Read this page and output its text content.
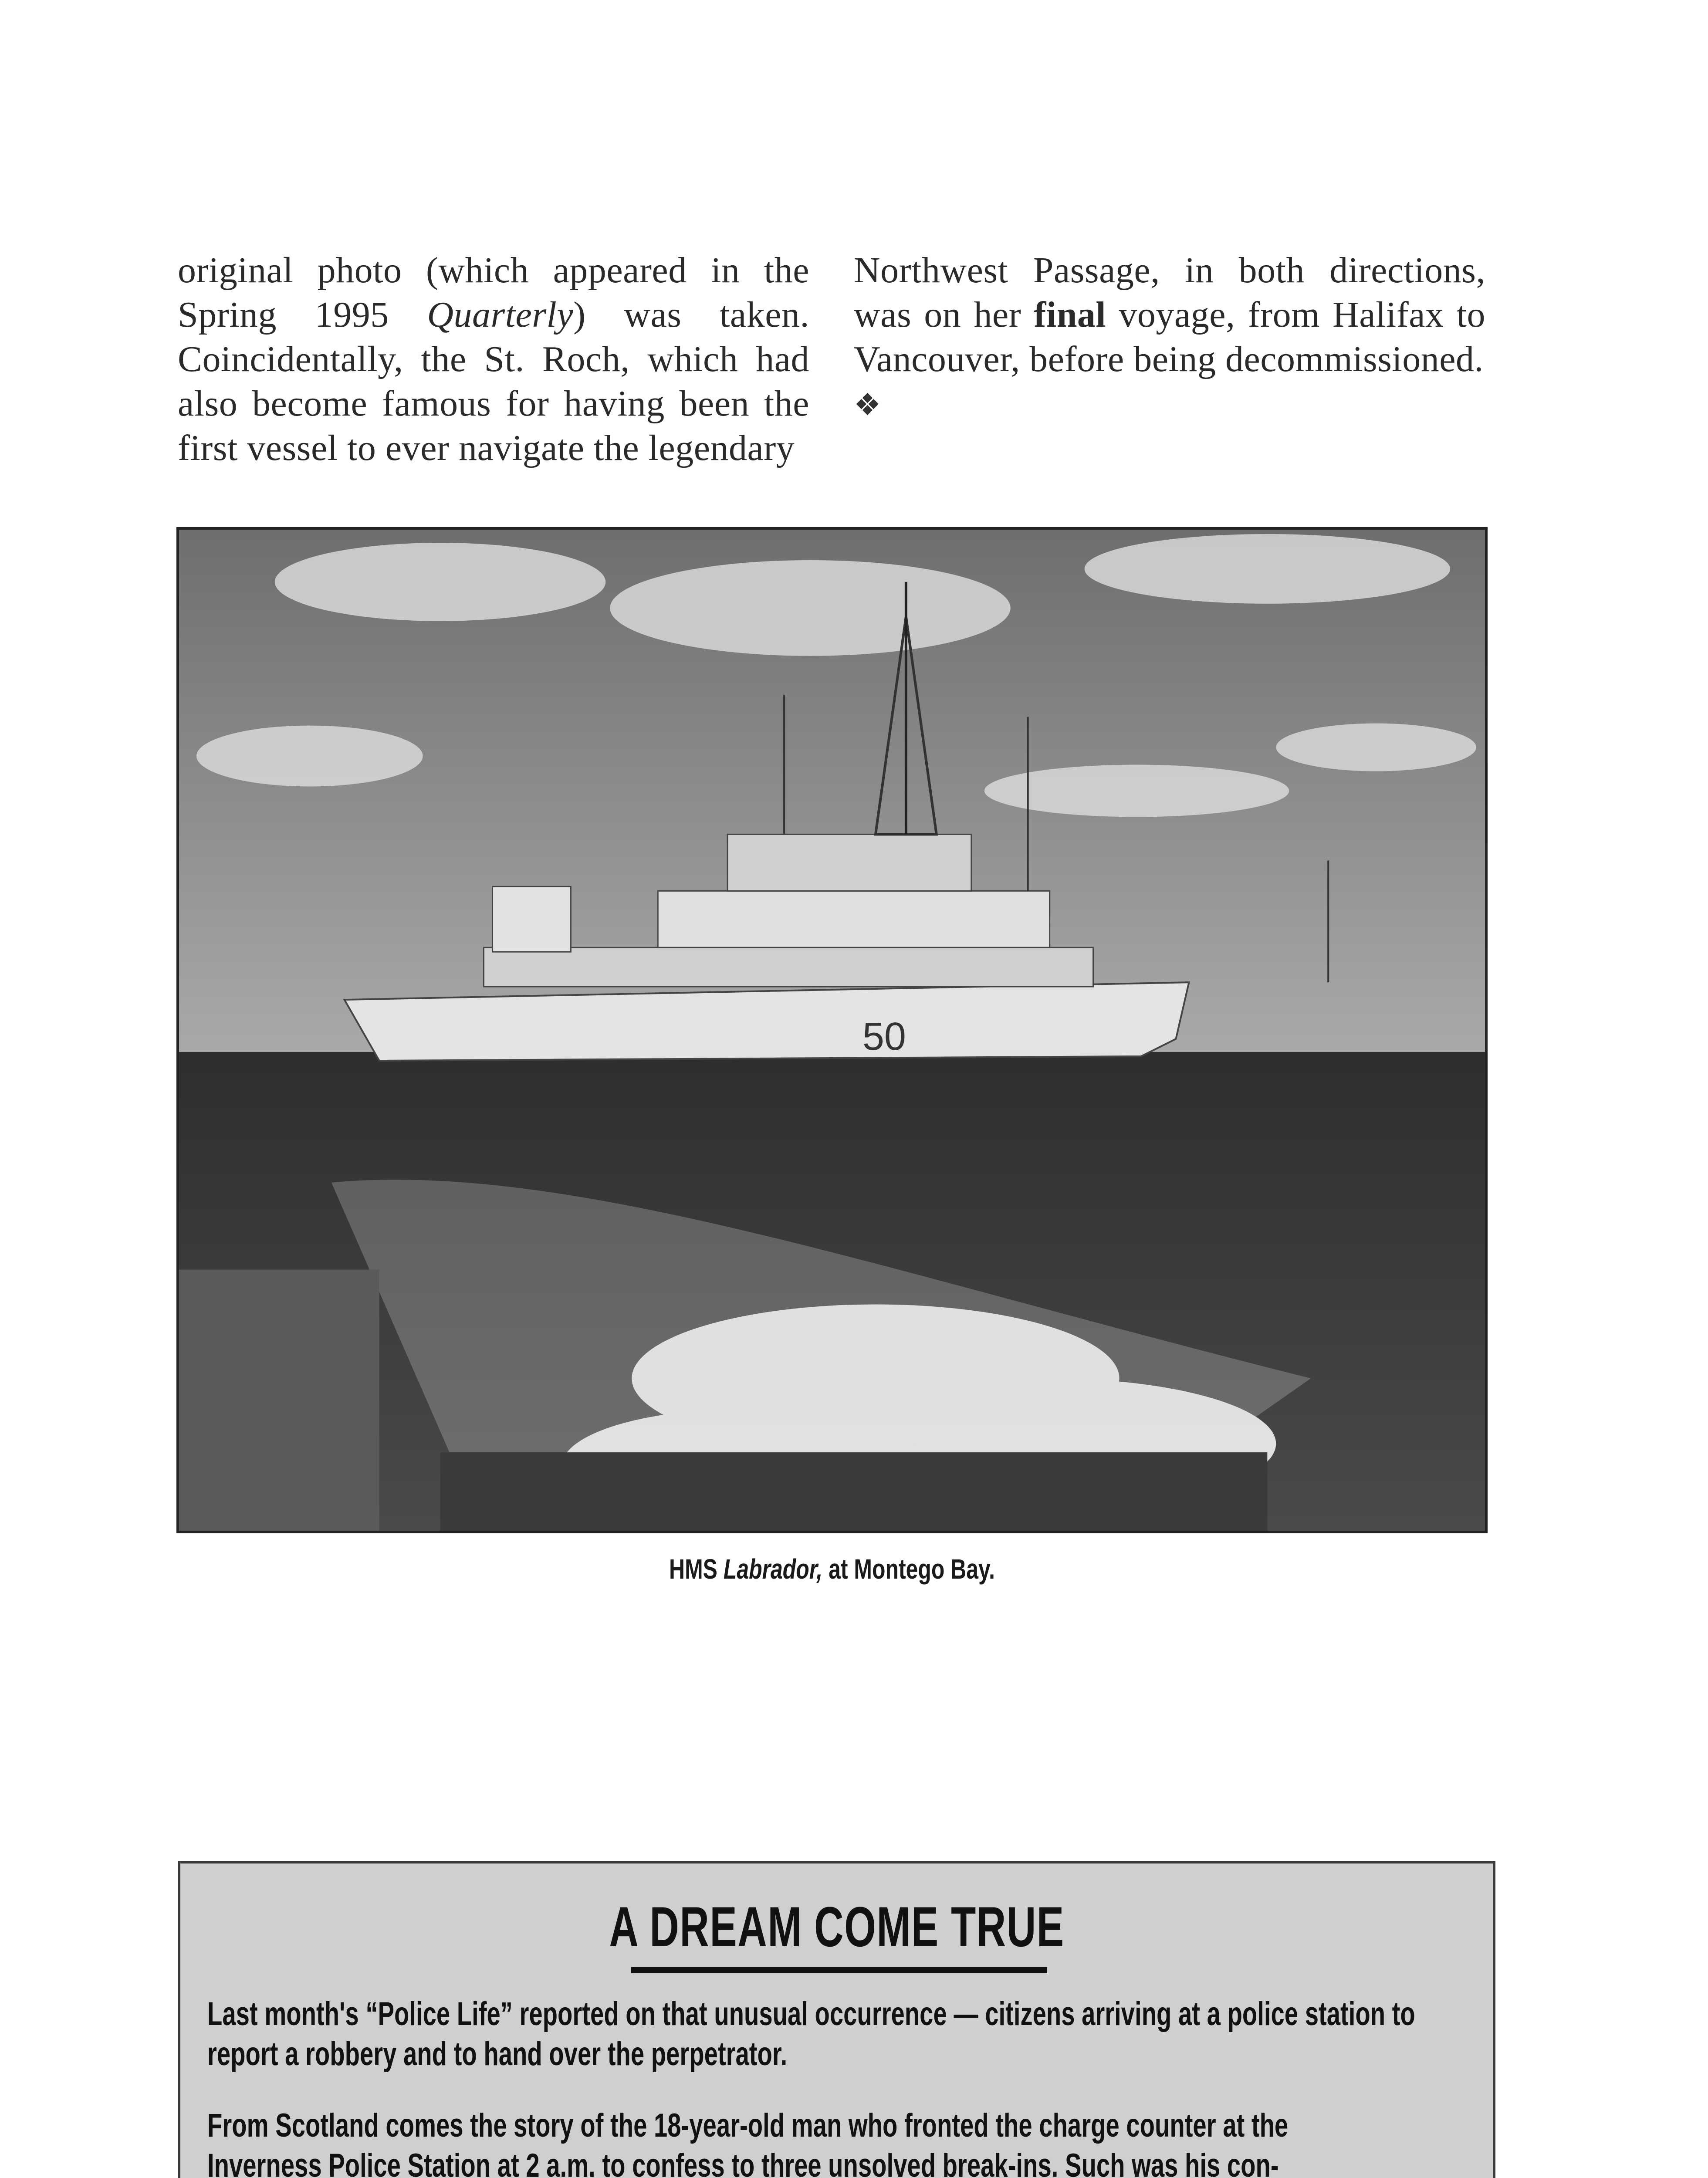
original photo (which appeared in the Spring 1995 Quarterly) was taken. Coincidentally, the St. Roch, which had also become famous for having been the first vessel to ever navigate the legendary

Northwest Passage, in both directions, was on her final voyage, from Halifax to Vancouver, before being decommissioned.

❖
50
HMS Labrador, at Montego Bay.
A DREAM COME TRUE

Last month's “Police Life” reported on that unusual occurrence — citizens arriving at a police station to report a robbery and to hand over the perpetrator.

From Scotland comes the story of the 18-year-old man who fronted the charge counter at the

Inverness Police Station at 2 a.m. to confess to three unsolved break-ins. Such was his con-
